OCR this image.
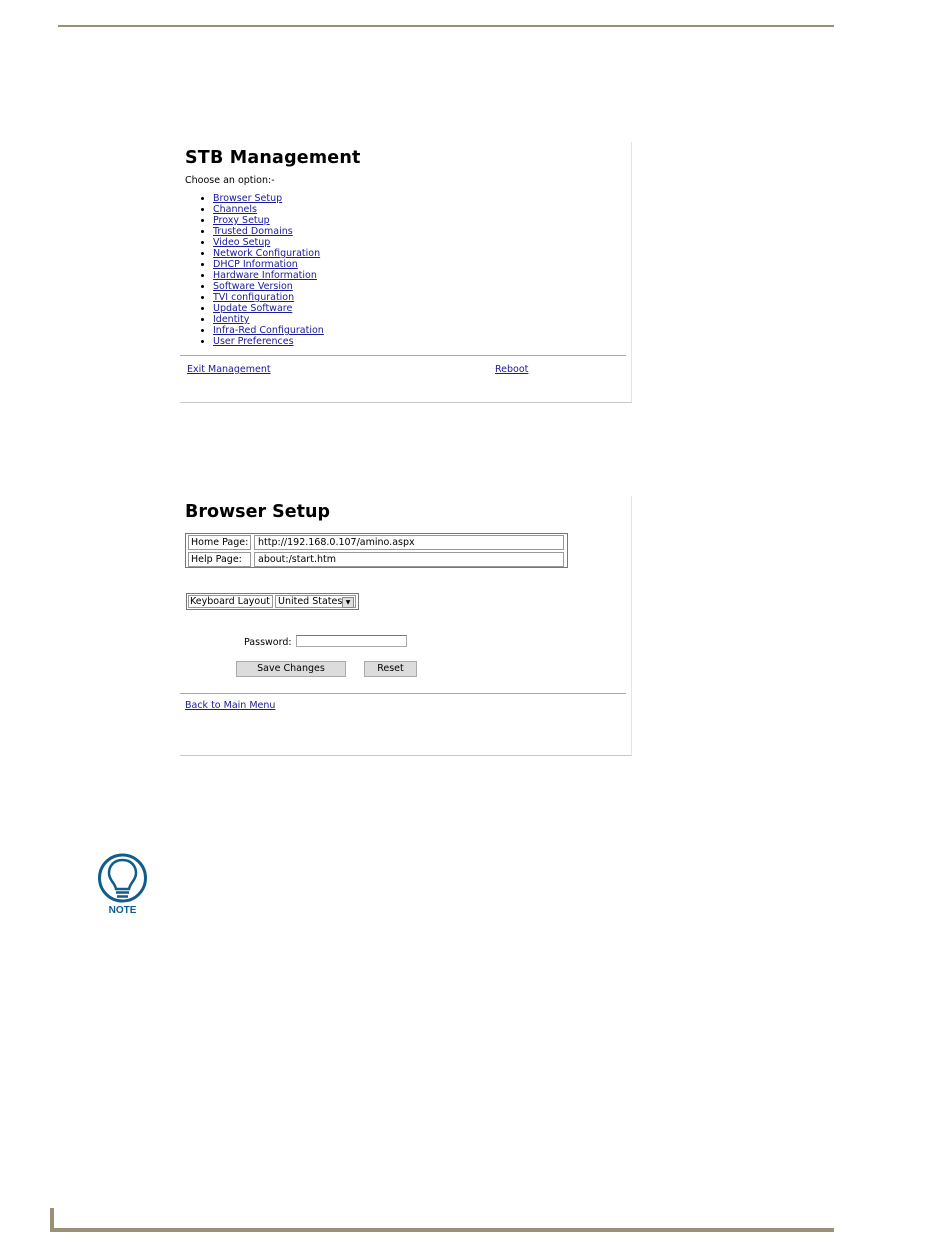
STB Management
Choose an option:-
• Browser Setup
• Channels
• Proxy Setup
• Trusted Domains
• Video Setup
• Network Configuration
• DHCP Information
• Hardware Information
• Software Version
• TVI configuration
• Update Software
• Identity
• Infra-Red Configuration
• User Preferences
Exit Management	Reboot
Browser Setup
Home Page:	http://192.168.0.107/amino.aspx
Help Page:	about:/start.htm
Keyboard Layout United States ▼
Password:
Save Changes	Reset
Back to Main Menu
NOTE
